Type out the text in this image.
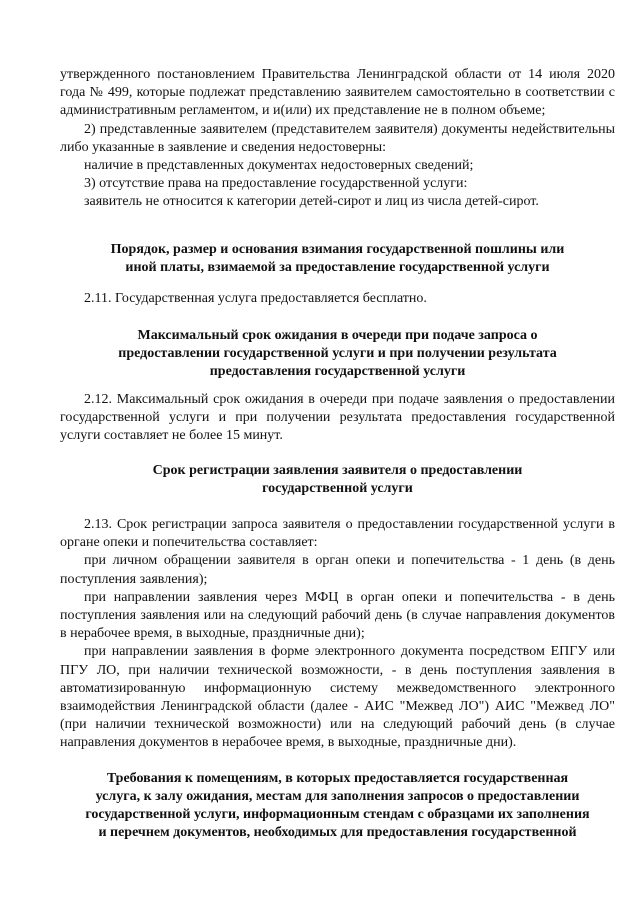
утвержденного постановлением Правительства Ленинградской области от 14 июля 2020 года № 499, которые подлежат представлению заявителем самостоятельно в соответствии с административным регламентом, и и(или) их представление не в полном объеме;

2) представленные заявителем (представителем заявителя) документы недействительны либо указанные в заявление и сведения недостоверны:

наличие в представленных документах недостоверных сведений;

3) отсутствие права на предоставление государственной услуги:

заявитель не относится к категории детей-сирот и лиц из числа детей-сирот.

Порядок, размер и основания взимания государственной пошлины или

иной платы, взимаемой за предоставление государственной услуги

2.11. Государственная услуга предоставляется бесплатно.

Максимальный срок ожидания в очереди при подаче запроса о

предоставлении государственной услуги и при получении результата

предоставления государственной услуги

2.12. Максимальный срок ожидания в очереди при подаче заявления о предоставлении государственной услуги и при получении результата предоставления государственной услуги составляет не более 15 минут.

Срок регистрации заявления заявителя о предоставлении

государственной услуги

2.13. Срок регистрации запроса заявителя о предоставлении государственной услуги в органе опеки и попечительства составляет:

при личном обращении заявителя в орган опеки и попечительства - 1 день (в день поступления заявления);

при направлении заявления через МФЦ в орган опеки и попечительства - в день поступления заявления или на следующий рабочий день (в случае направления документов в нерабочее время, в выходные, праздничные дни);

при направлении заявления в форме электронного документа посредством ЕПГУ или ПГУ ЛО, при наличии технической возможности, - в день поступления заявления в автоматизированную информационную систему межведомственного электронного взаимодействия Ленинградской области (далее - АИС "Межвед ЛО") АИС "Межвед ЛО" (при наличии технической возможности) или на следующий рабочий день (в случае направления документов в нерабочее время, в выходные, праздничные дни).

Требования к помещениям, в которых предоставляется государственная

услуга, к залу ожидания, местам для заполнения запросов о предоставлении

государственной услуги, информационным стендам с образцами их заполнения

и перечнем документов, необходимых для предоставления государственной
